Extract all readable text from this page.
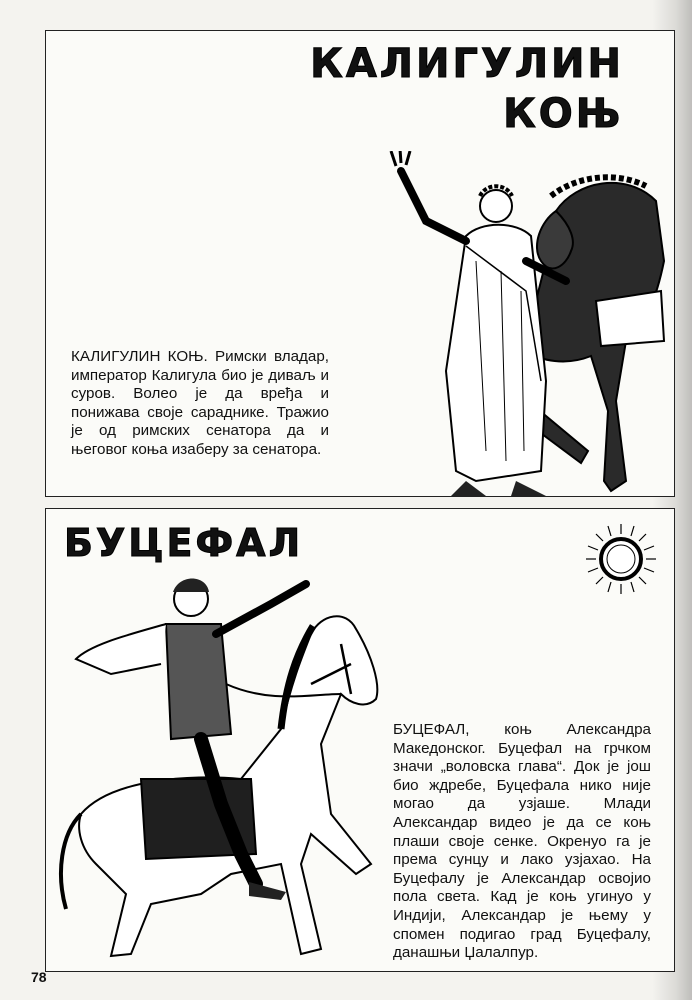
КАЛИГУЛИН
КОЊ

КАЛИГУЛИН КОЊ. Римски владар, император Калигула био је диваљ и суров. Волео је да вређа и понижава своје сарадникe. Тражио је од римских сенатора да и његовог коња изаберу за сенатора.

БУЦЕФАЛ

БУЦЕФАЛ, коњ Александра Македонског. Буцефал на грчком значи „воловска глава“. Док је још био ждребе, Буцефала нико није могао да узјаше. Млади Александар видео је да се коњ плаши своје сенке. Окренуо га је према сунцу и лако узјахао. На Буцефалу је Александар освојио пола света. Кад је коњ угинуо у Индији, Александар је њему у спомен подигао град Буцефалу, данашњи Џалалпур.

78
